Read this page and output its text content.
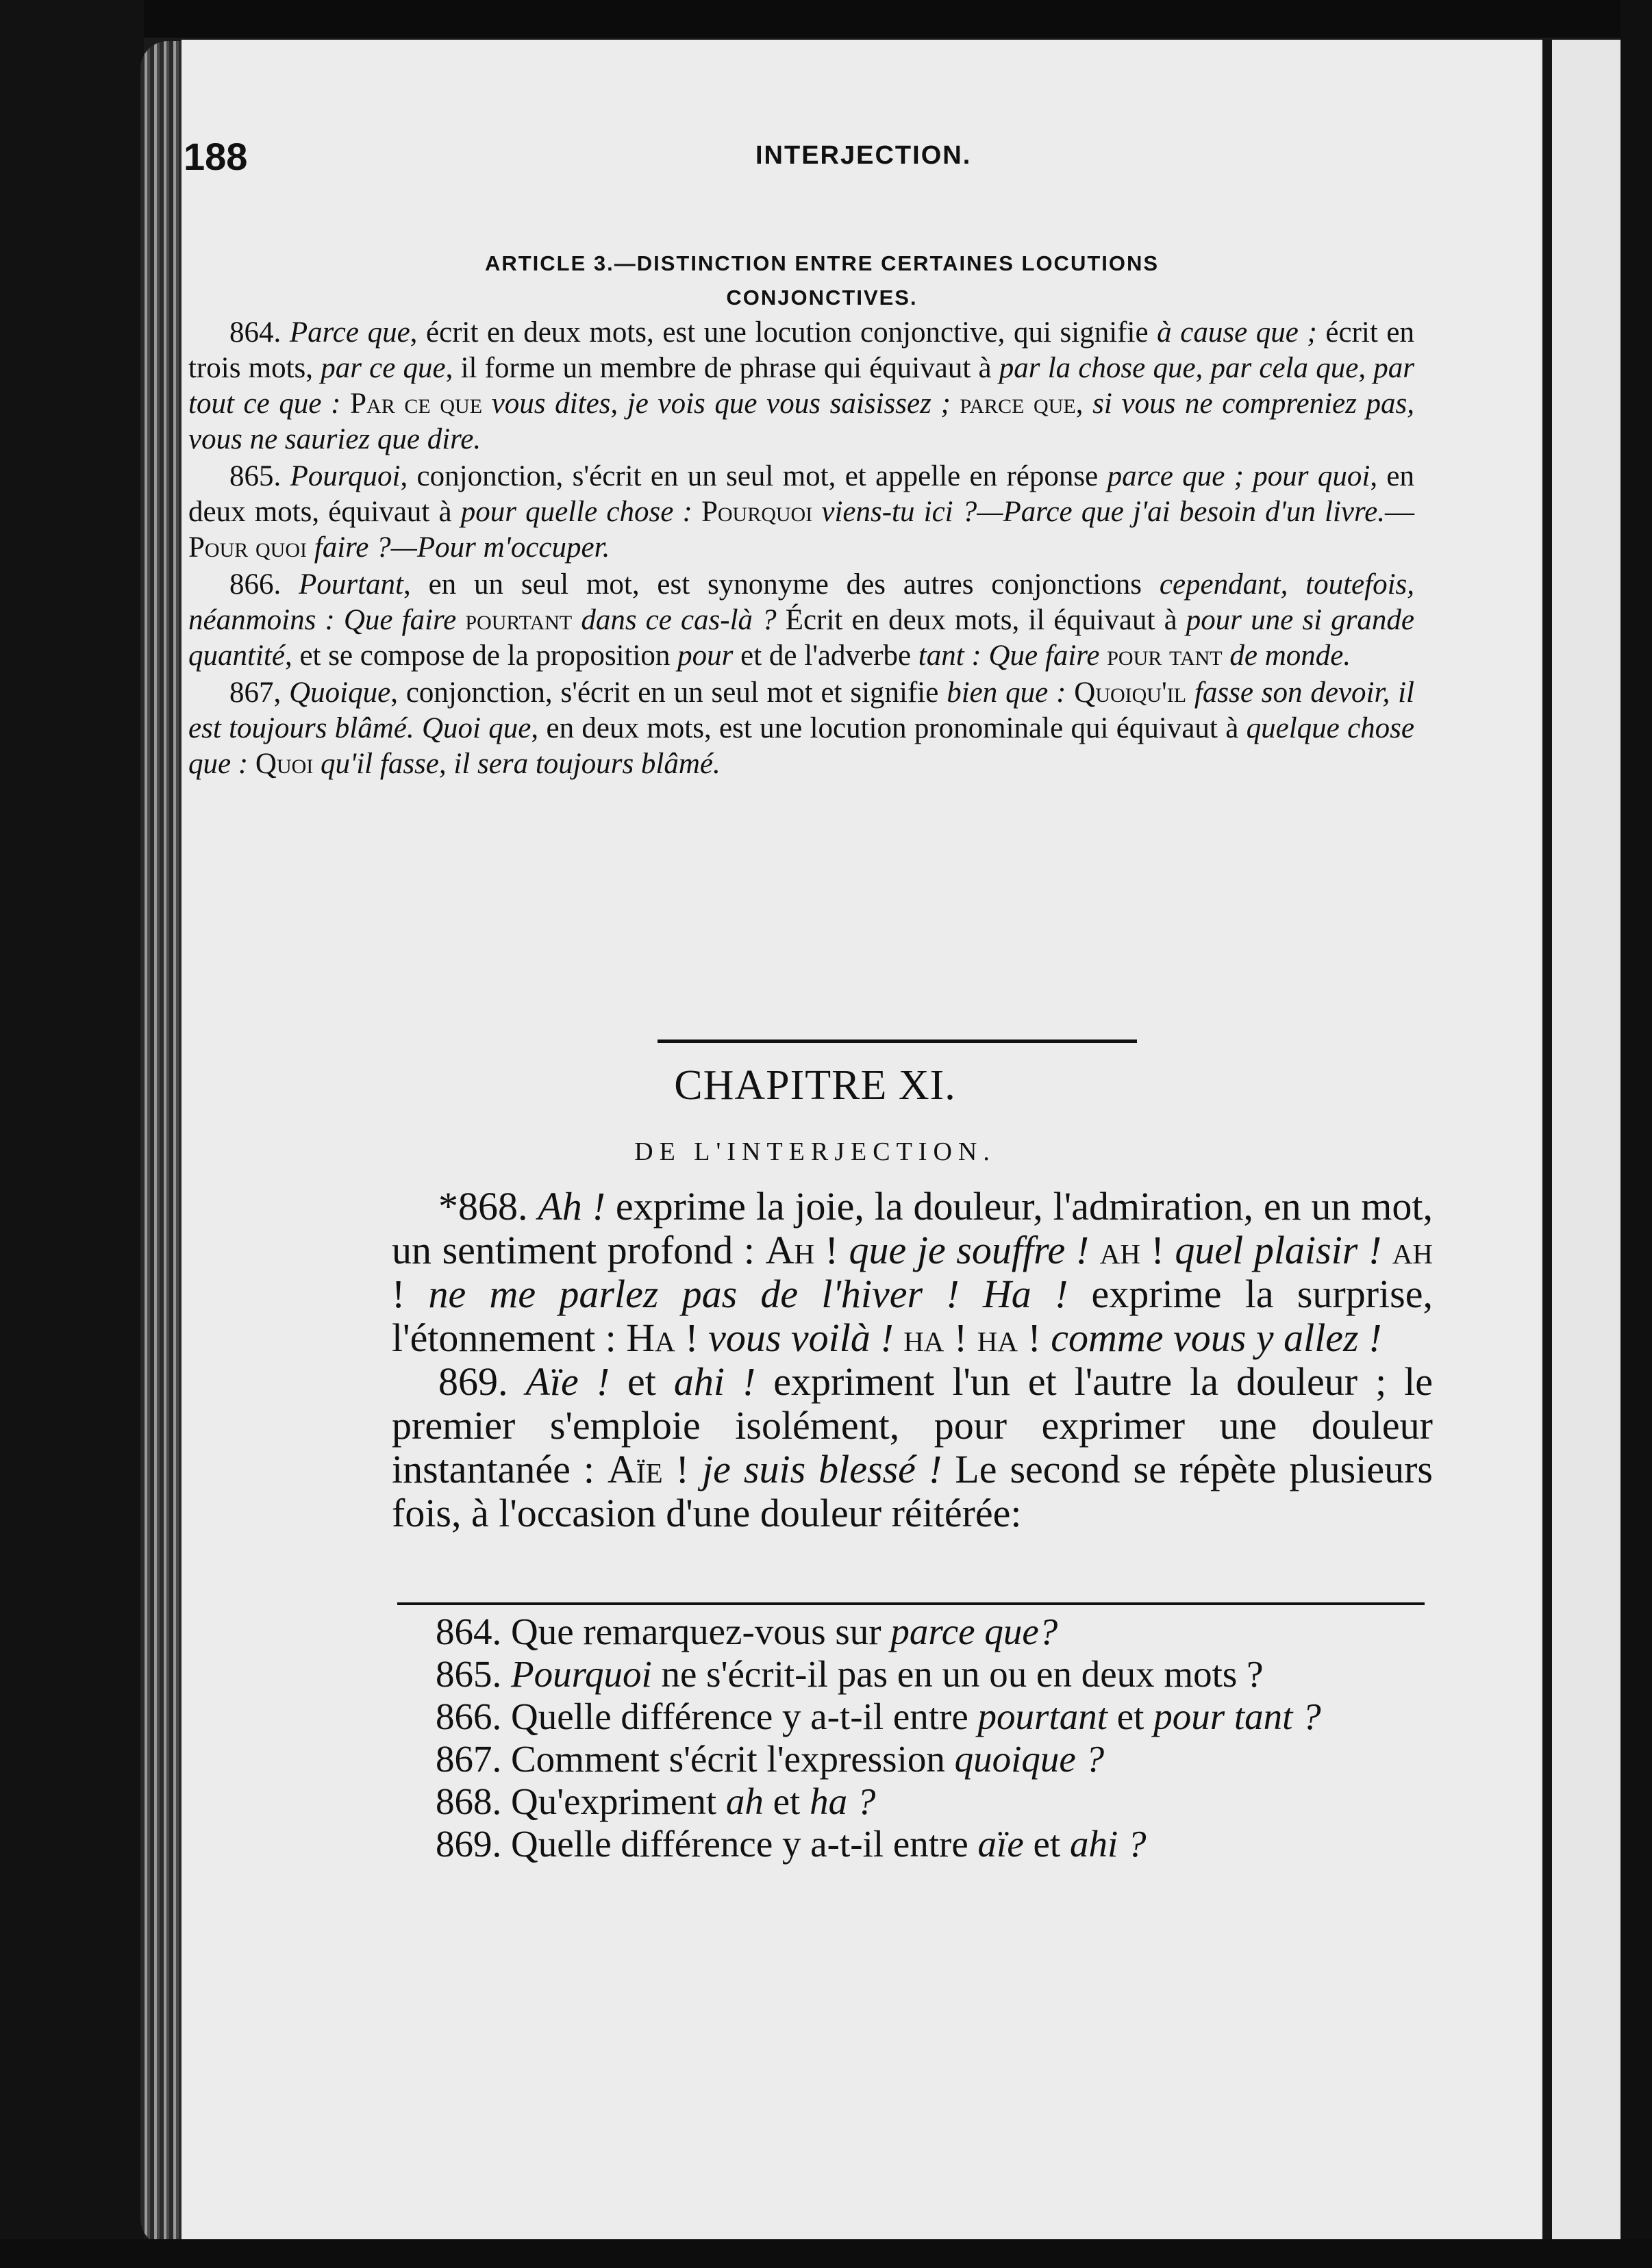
188	INTERJECTION.
ARTICLE 3.—DISTINCTION ENTRE CERTAINES LOCUTIONS
CONJONCTIVES.

864. Parce que, écrit en deux mots, est une locution conjonctive, qui signifie à cause que ; écrit en trois mots, par ce que, il forme un membre de phrase qui équivaut à par la chose que, par cela que, par tout ce que : Par ce que vous dites, je vois que vous saisissez ; parce que, si vous ne compreniez pas, vous ne sauriez que dire.

865. Pourquoi, conjonction, s'écrit en un seul mot, et appelle en réponse parce que ; pour quoi, en deux mots, équivaut à pour quelle chose : Pourquoi viens-tu ici ?—Parce que j'ai besoin d'un livre.—Pour quoi faire ?—Pour m'occuper.

866. Pourtant, en un seul mot, est synonyme des autres conjonctions cependant, toutefois, néanmoins : Que faire pourtant dans ce cas-là ? Écrit en deux mots, il équivaut à pour une si grande quantité, et se compose de la proposition pour et de l'adverbe tant : Que faire pour tant de monde.

867, Quoique, conjonction, s'écrit en un seul mot et signifie bien que : Quoiqu'il fasse son devoir, il est toujours blâmé. Quoi que, en deux mots, est une locution pronominale qui équivaut à quelque chose que : Quoi qu'il fasse, il sera toujours blâmé.

CHAPITRE XI.
DE L'INTERJECTION.

*868. Ah ! exprime la joie, la douleur, l'admiration, en un mot, un sentiment profond : Ah ! que je souffre ! ah ! quel plaisir ! ah ! ne me parlez pas de l'hiver ! Ha ! exprime la surprise, l'étonnement : Ha ! vous voilà ! ha ! ha ! comme vous y allez !

869. Aïe ! et ahi ! expriment l'un et l'autre la douleur ; le premier s'emploie isolément, pour exprimer une douleur instantanée : Aïe ! je suis blessé ! Le second se répète plusieurs fois, à l'occasion d'une douleur réitérée:

864. Que remarquez-vous sur parce que?

865. Pourquoi ne s'écrit-il pas en un ou en deux mots ?

866. Quelle différence y a-t-il entre pourtant et pour tant ?

867. Comment s'écrit l'expression quoique ?

868. Qu'expriment ah et ha ?

869. Quelle différence y a-t-il entre aïe et ahi ?
